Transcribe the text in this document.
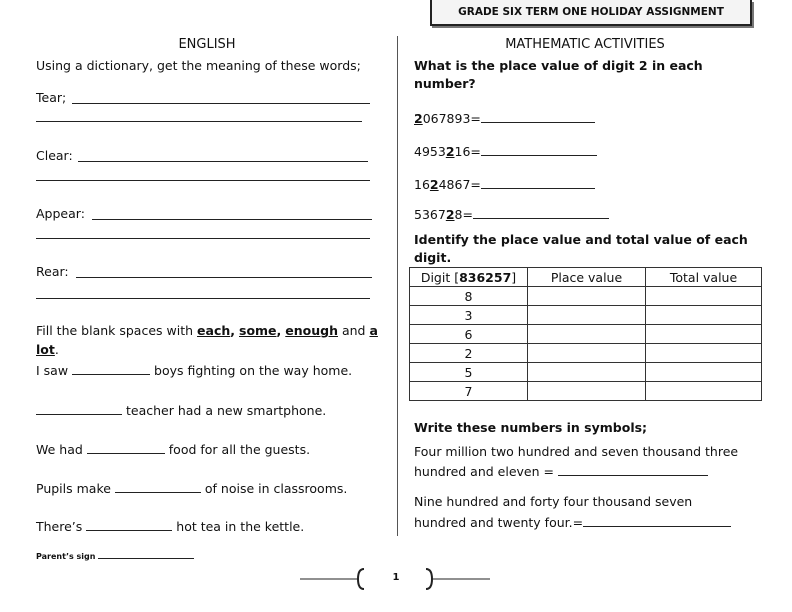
GRADE SIX TERM ONE HOLIDAY ASSIGNMENT
ENGLISH
Using a dictionary, get the meaning of these words;
Tear;
Clear:
Appear:
Rear:
Fill the blank spaces with each, some, enough and a
lot.
I saw	boys fighting on the way home.
teacher had a new smartphone.
We had	food for all the guests.
Pupils make	of noise in classrooms.
There’s	hot tea in the kettle.
Parent’s sign
MATHEMATIC ACTIVITIES
What is the place value of digit 2 in each number?
2067893=
4953216=
1624867=
536728=
Identify the place value and total value of each digit.
Digit [836257]	Place value	Total value
8		
3		
6		
2		
5		
7		
Write these numbers in symbols;
Four million two hundred and seven thousand three
hundred and eleven =
Nine hundred and forty four thousand seven
hundred and twenty four.=
1
